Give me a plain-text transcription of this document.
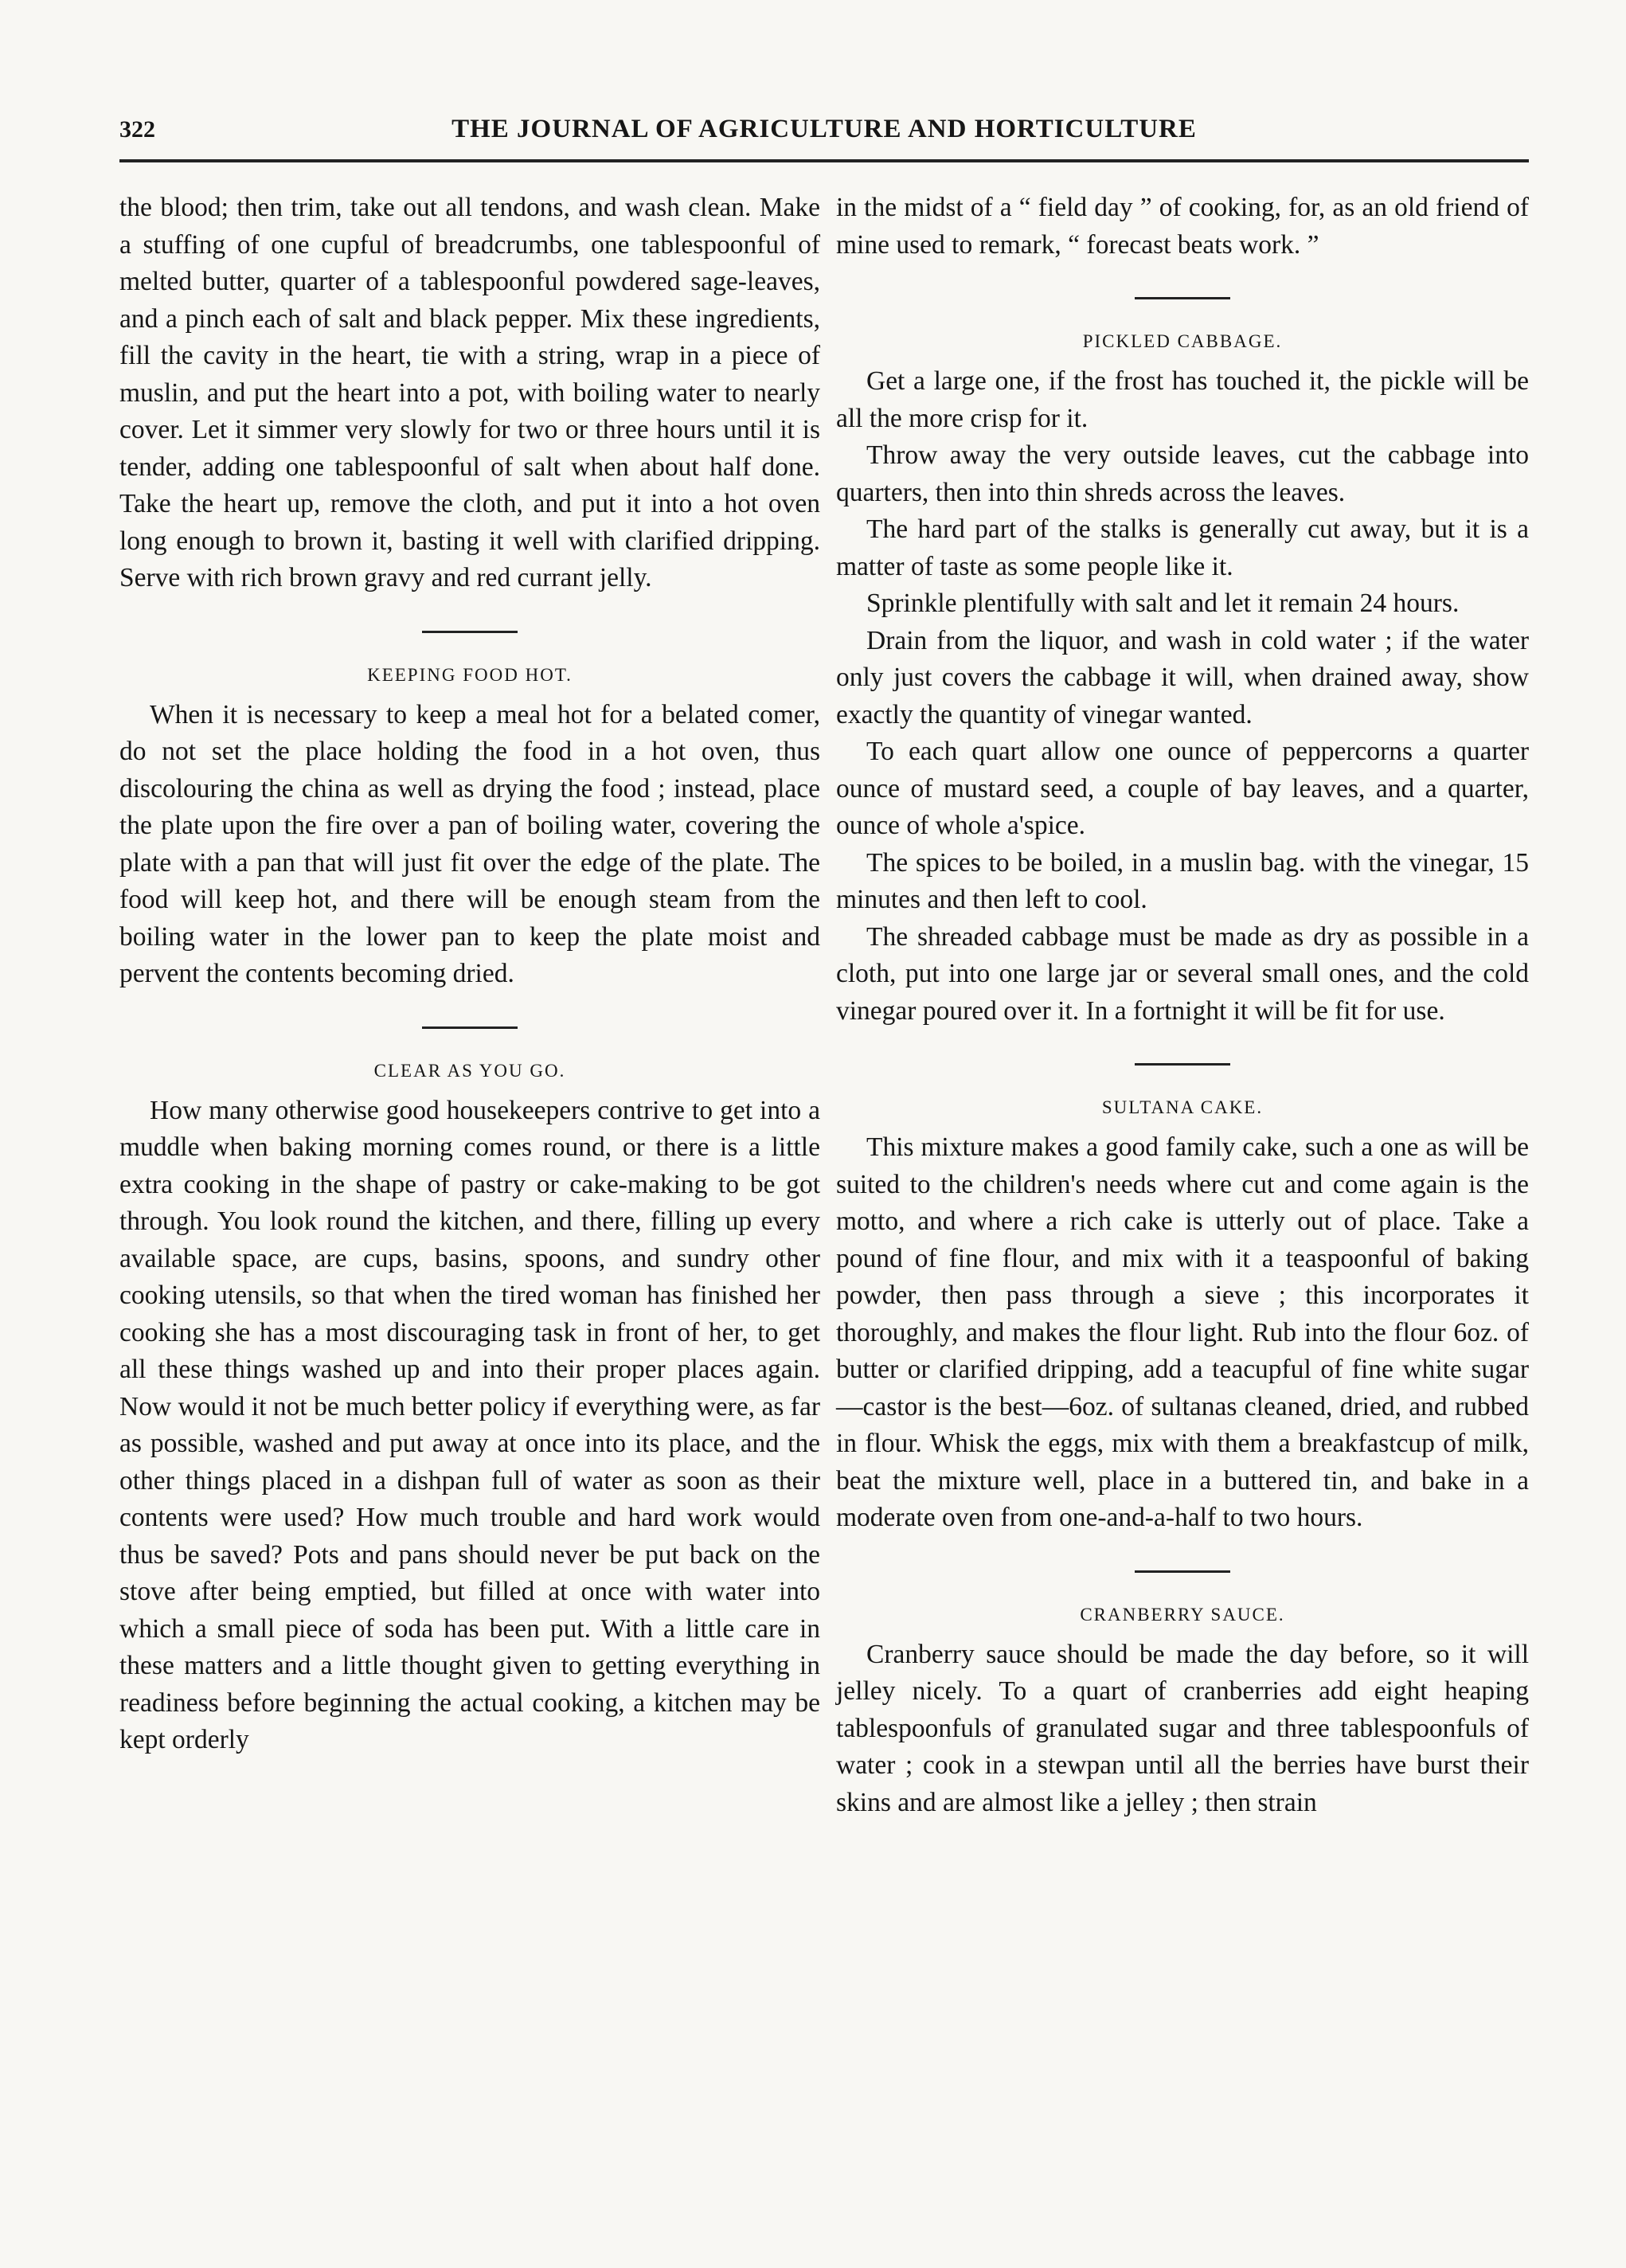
322	THE JOURNAL OF AGRICULTURE AND HORTICULTURE

the blood; then trim, take out all tendons, and wash clean. Make a stuffing of one cupful of breadcrumbs, one tablespoonful of melted butter, quarter of a tablespoonful powdered sage-leaves, and a pinch each of salt and black pepper. Mix these ingredients, fill the cavity in the heart, tie with a string, wrap in a piece of muslin, and put the heart into a pot, with boiling water to nearly cover. Let it simmer very slowly for two or three hours until it is tender, adding one tablespoonful of salt when about half done. Take the heart up, remove the cloth, and put it into a hot oven long enough to brown it, basting it well with clarified dripping. Serve with rich brown gravy and red currant jelly.

KEEPING FOOD HOT.

When it is necessary to keep a meal hot for a belated comer, do not set the place holding the food in a hot oven, thus discolouring the china as well as drying the food ; instead, place the plate upon the fire over a pan of boiling water, covering the plate with a pan that will just fit over the edge of the plate. The food will keep hot, and there will be enough steam from the boiling water in the lower pan to keep the plate moist and pervent the contents becoming dried.

CLEAR AS YOU GO.

How many otherwise good housekeepers contrive to get into a muddle when baking morning comes round, or there is a little extra cooking in the shape of pastry or cake-making to be got through. You look round the kitchen, and there, filling up every available space, are cups, basins, spoons, and sundry other cooking utensils, so that when the tired woman has finished her cooking she has a most discouraging task in front of her, to get all these things washed up and into their proper places again. Now would it not be much better policy if everything were, as far as possible, washed and put away at once into its place, and the other things placed in a dishpan full of water as soon as their contents were used? How much trouble and hard work would thus be saved? Pots and pans should never be put back on the stove after being emptied, but filled at once with water into which a small piece of soda has been put. With a little care in these matters and a little thought given to getting everything in readiness before beginning the actual cooking, a kitchen may be kept orderly

in the midst of a “ field day ” of cooking, for, as an old friend of mine used to remark, “ forecast beats work. ”

PICKLED CABBAGE.

Get a large one, if the frost has touched it, the pickle will be all the more crisp for it.

Throw away the very outside leaves, cut the cabbage into quarters, then into thin shreds across the leaves.

The hard part of the stalks is generally cut away, but it is a matter of taste as some people like it.

Sprinkle plentifully with salt and let it remain 24 hours.

Drain from the liquor, and wash in cold water ; if the water only just covers the cabbage it will, when drained away, show exactly the quantity of vinegar wanted.

To each quart allow one ounce of peppercorns a quarter ounce of mustard seed, a couple of bay leaves, and a quarter, ounce of whole a'spice.

The spices to be boiled, in a muslin bag. with the vinegar, 15 minutes and then left to cool.

The shreaded cabbage must be made as dry as possible in a cloth, put into one large jar or several small ones, and the cold vinegar poured over it. In a fortnight it will be fit for use.

SULTANA CAKE.

This mixture makes a good family cake, such a one as will be suited to the children's needs where cut and come again is the motto, and where a rich cake is utterly out of place. Take a pound of fine flour, and mix with it a teaspoonful of baking powder, then pass through a sieve ; this incorporates it thoroughly, and makes the flour light. Rub into the flour 6oz. of butter or clarified dripping, add a teacupful of fine white sugar—castor is the best—6oz. of sultanas cleaned, dried, and rubbed in flour. Whisk the eggs, mix with them a breakfastcup of milk, beat the mixture well, place in a buttered tin, and bake in a moderate oven from one-and-a-half to two hours.

CRANBERRY SAUCE.

Cranberry sauce should be made the day before, so it will jelley nicely. To a quart of cranberries add eight heaping tablespoonfuls of granulated sugar and three tablespoonfuls of water ; cook in a stewpan until all the berries have burst their skins and are almost like a jelley ; then strain
